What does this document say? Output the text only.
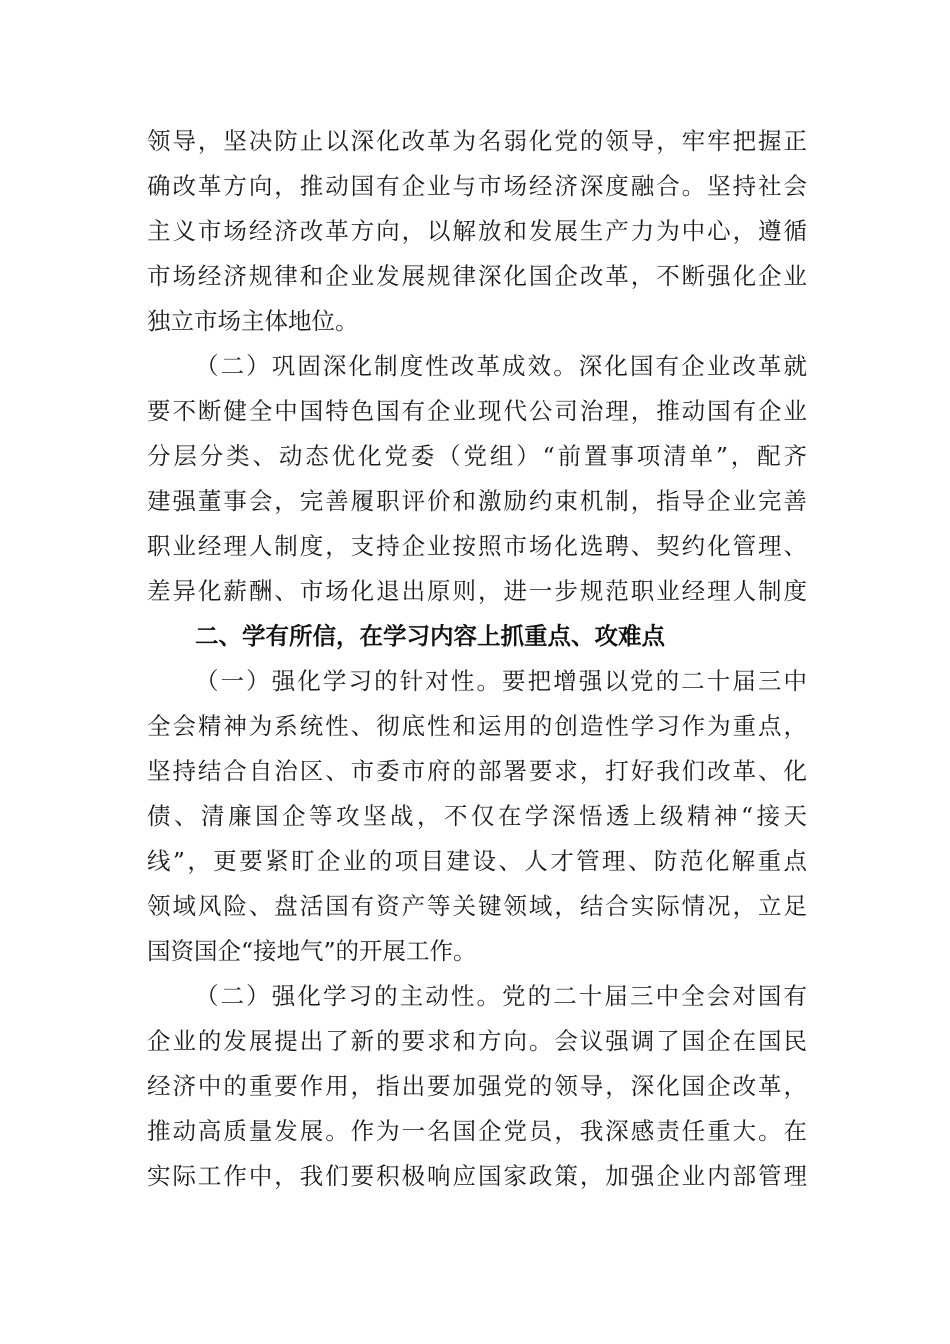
领导，坚决防止以深化改革为名弱化党的领导，牢牢把握正
确改革方向，推动国有企业与市场经济深度融合。坚持社会
主义市场经济改革方向，以解放和发展生产力为中心，遵循
市场经济规律和企业发展规律深化国企改革，不断强化企业
独立市场主体地位。
（二）巩固深化制度性改革成效。深化国有企业改革就
要不断健全中国特色国有企业现代公司治理，推动国有企业
分层分类、动态优化党委（党组）“前置事项清单”，配齐
建强董事会，完善履职评价和激励约束机制，指导企业完善
职业经理人制度，支持企业按照市场化选聘、契约化管理、
差异化薪酬、市场化退出原则，进一步规范职业经理人制度
二、学有所信，在学习内容上抓重点、攻难点
（一）强化学习的针对性。要把增强以党的二十届三中
全会精神为系统性、彻底性和运用的创造性学习作为重点，
坚持结合自治区、市委市府的部署要求，打好我们改革、化
债、清廉国企等攻坚战，不仅在学深悟透上级精神“接天
线”，更要紧盯企业的项目建设、人才管理、防范化解重点
领域风险、盘活国有资产等关键领域，结合实际情况，立足
国资国企“接地气”的开展工作。
（二）强化学习的主动性。党的二十届三中全会对国有
企业的发展提出了新的要求和方向。会议强调了国企在国民
经济中的重要作用，指出要加强党的领导，深化国企改革，
推动高质量发展。作为一名国企党员，我深感责任重大。在
实际工作中，我们要积极响应国家政策，加强企业内部管理
